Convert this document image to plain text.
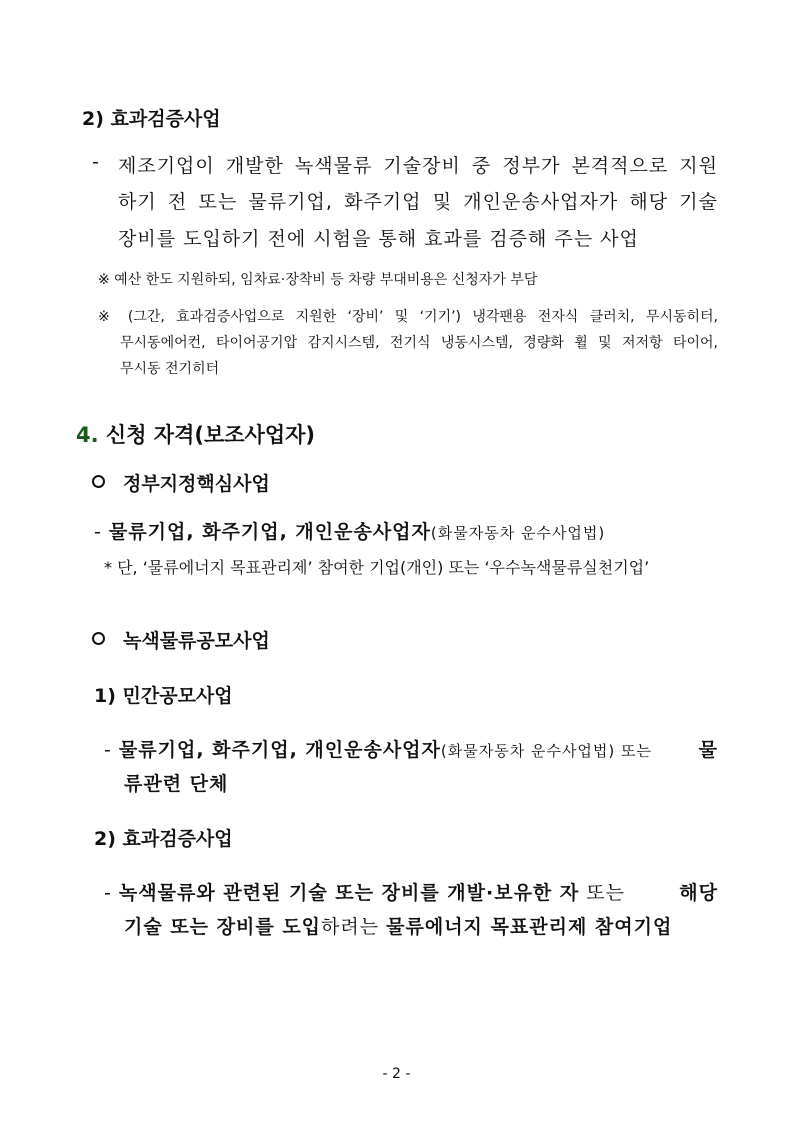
2) 효과검증사업
- 제조기업이 개발한 녹색물류 기술장비 중 정부가 본격적으로 지원
하기 전 또는 물류기업, 화주기업 및 개인운송사업자가 해당 기술
장비를 도입하기 전에 시험을 통해 효과를 검증해 주는 사업
※ 예산 한도 지원하되, 임차료·장착비 등 차량 부대비용은 신청자가 부담
※ (그간, 효과검증사업으로 지원한 ‘장비’ 및 ‘기기’) 냉각팬용 전자식 클러치, 무시동히터,
무시동에어컨, 타이어공기압 감지시스템, 전기식 냉동시스템, 경량화 휠 및 저저항 타이어,
무시동 전기히터
4. 신청 자격(보조사업자)
정부지정핵심사업
- 물류기업, 화주기업, 개인운송사업자(화물자동차 운수사업법)
* 단, ‘물류에너지 목표관리제’ 참여한 기업(개인) 또는 ‘우수녹색물류실천기업’
녹색물류공모사업
1) 민간공모사업
- 물류기업, 화주기업, 개인운송사업자(화물자동차 운수사업법) 또는 물
류관련 단체
2) 효과검증사업
- 녹색물류와 관련된 기술 또는 장비를 개발·보유한 자 또는	해당
기술 또는 장비를 도입하려는 물류에너지 목표관리제 참여기업
- 2 -
